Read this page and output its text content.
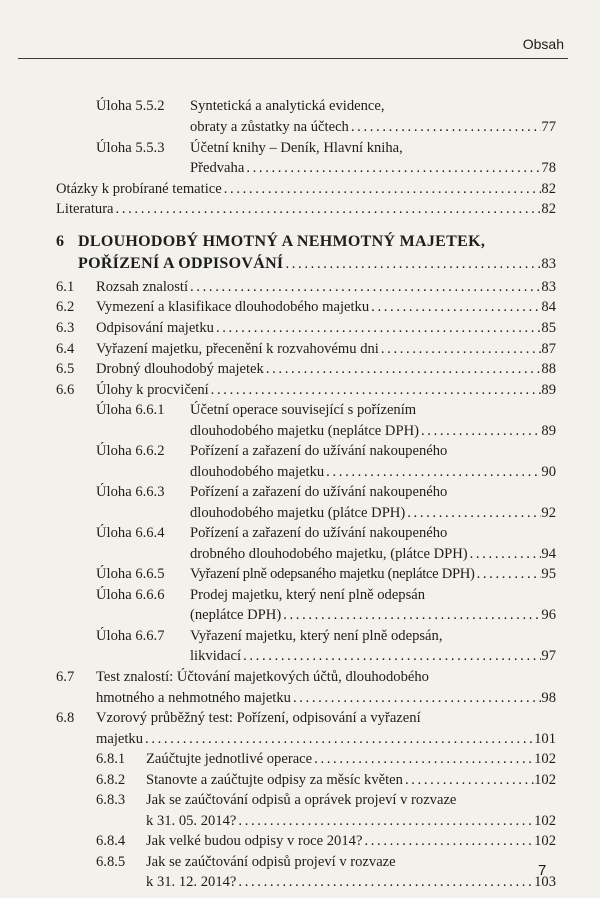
Obsah
Úloha 5.5.2	Syntetická a analytická evidence,
obraty a zůstatky na účtech . . .	77
Úloha 5.5.3	Účetní knihy – Deník, Hlavní kniha,
Předvaha . . .	78
Otázky k probírané tematice . . .	82
Literatura . . .	82
6 DLOUHODOBÝ HMOTNÝ A NEHMOTNÝ MAJETEK,
POŘÍZENÍ A ODPISOVÁNÍ . . .	83
6.1	Rozsah znalostí . . .	83
6.2	Vymezení a klasifikace dlouhodobého majetku . . .	84
6.3	Odpisování majetku . . .	85
6.4	Vyřazení majetku, přecenění k rozvahovému dni . . .	87
6.5	Drobný dlouhodobý majetek . . .	88
6.6	Úlohy k procvičení . . .	89
Úloha 6.6.1	Účetní operace související s pořízením
dlouhodobého majetku (neplátce DPH) . . .	89
Úloha 6.6.2	Pořízení a zařazení do užívání nakoupeného
dlouhodobého majetku . . .	90
Úloha 6.6.3	Pořízení a zařazení do užívání nakoupeného
dlouhodobého majetku (plátce DPH) . . .	92
Úloha 6.6.4	Pořízení a zařazení do užívání nakoupeného
drobného dlouhodobého majetku, (plátce DPH) . . .	94
Úloha 6.6.5	Vyřazení plně odepsaného majetku (neplátce DPH) . . .	95
Úloha 6.6.6	Prodej majetku, který není plně odepsán
(neplátce DPH) . . .	96
Úloha 6.6.7	Vyřazení majetku, který není plně odepsán,
likvidací . . .	97
6.7	Test znalostí: Účtování majetkových účtů, dlouhodobého
hmotného a nehmotného majetku . . .	98
6.8	Vzorový průběžný test: Pořízení, odpisování a vyřazení
majetku . . .	101
6.8.1	Zaúčtujte jednotlivé operace . . .	102
6.8.2	Stanovte a zaúčtujte odpisy za měsíc květen . . .	102
6.8.3	Jak se zaúčtování odpisů a oprávek projeví v rozvaze
k 31. 05. 2014? . . .	102
6.8.4	Jak velké budou odpisy v roce 2014? . . .	102
6.8.5	Jak se zaúčtování odpisů projeví v rozvaze
k 31. 12. 2014? . . .	103
7
